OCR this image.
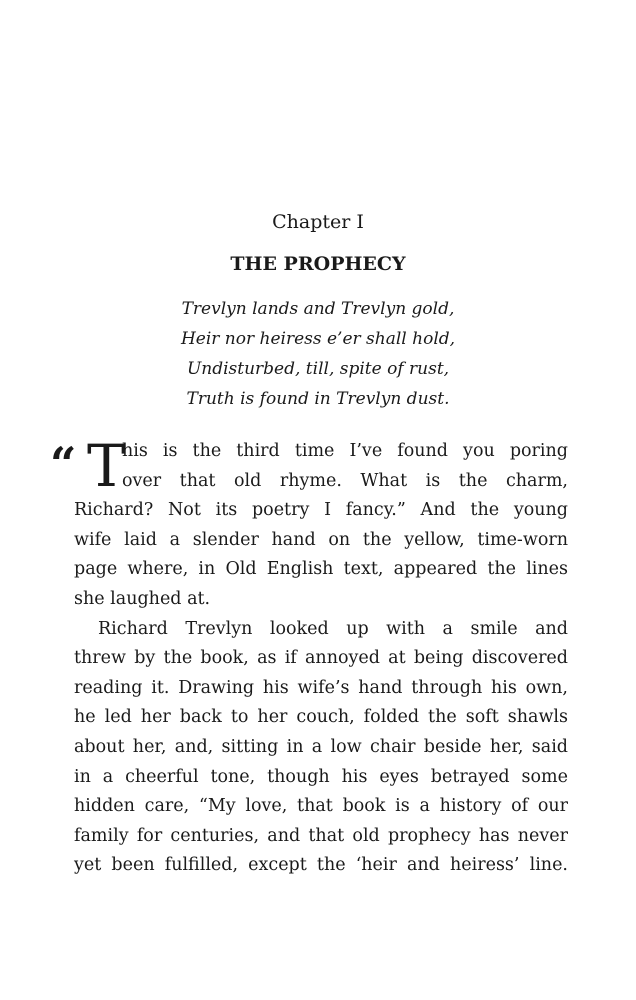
Chapter I
THE PROPHECY
Trevlyn lands and Trevlyn gold,
Heir nor heiress e’er shall hold,
Undisturbed, till, spite of rust,
Truth is found in Trevlyn dust.
“ T
his is the third time I’ve found you poring
over that old rhyme. What is the charm,
Richard? Not its poetry I fancy.” And the young
wife laid a slender hand on the yellow, time-worn
page where, in Old English text, appeared the lines
she laughed at.
Richard Trevlyn looked up with a smile and
threw by the book, as if annoyed at being discovered
reading it. Drawing his wife’s hand through his own,
he led her back to her couch, folded the soft shawls
about her, and, sitting in a low chair beside her, said
in a cheerful tone, though his eyes betrayed some
hidden care, “My love, that book is a history of our
family for centuries, and that old prophecy has never
yet been fulfilled, except the ‘heir and heiress’ line.
